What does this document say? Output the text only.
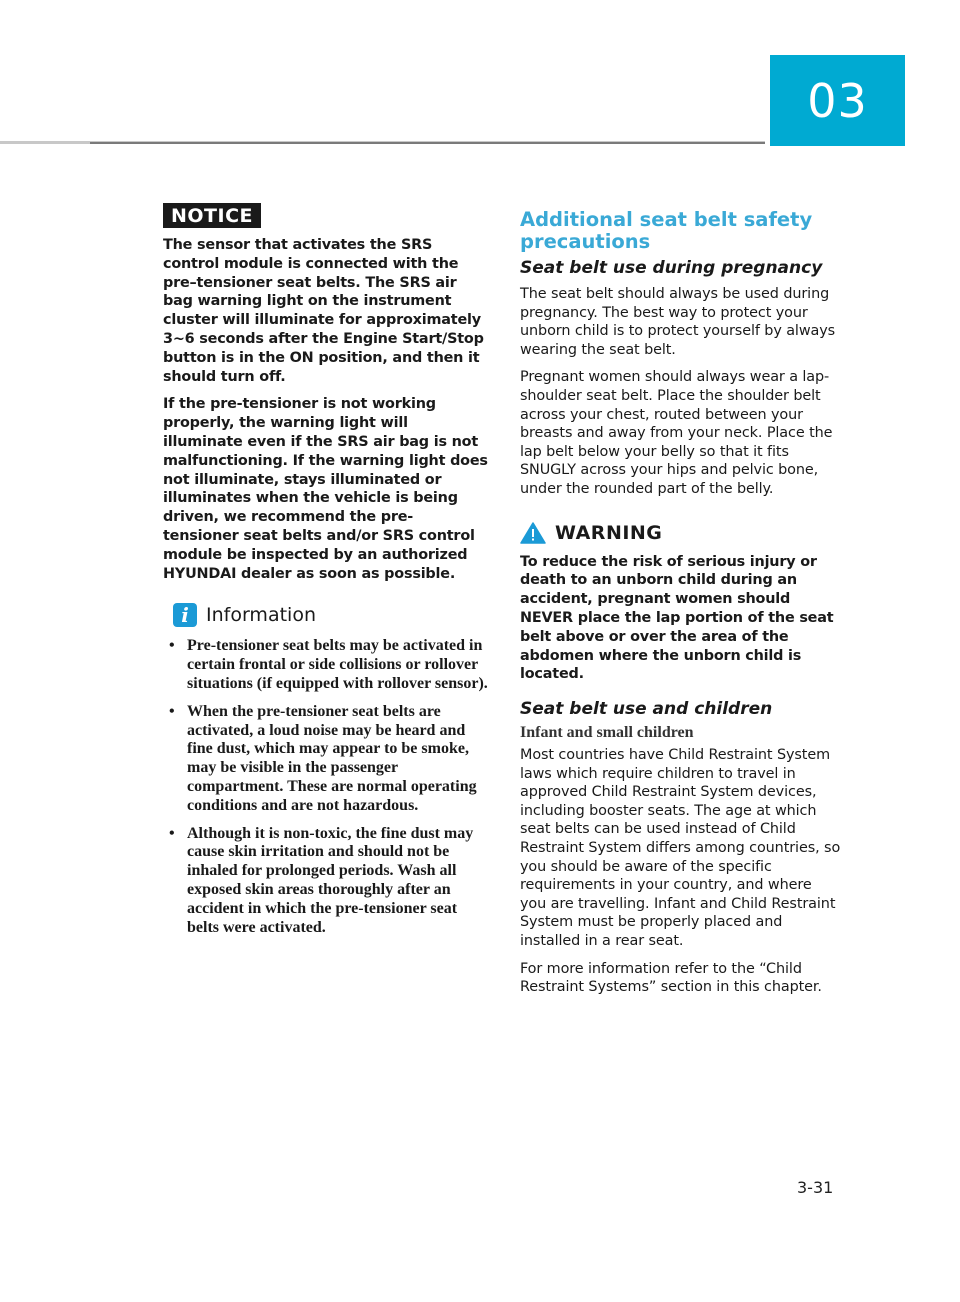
03
NOTICE

The sensor that activates the SRS control module is connected with the pre–tensioner seat belts. The SRS air bag warning light on the instrument cluster will illuminate for approximately 3~6 seconds after the Engine Start/Stop button is in the ON position, and then it should turn off.

If the pre-tensioner is not working properly, the warning light will illuminate even if the SRS air bag is not malfunctioning. If the warning light does not illuminate, stays illuminated or illuminates when the vehicle is being driven, we recommend the pre-tensioner seat belts and/or SRS control module be inspected by an authorized HYUNDAI dealer as soon as possible.

i Information
• Pre-tensioner seat belts may be activated in certain frontal or side collisions or rollover situations (if equipped with rollover sensor).
• When the pre-tensioner seat belts are activated, a loud noise may be heard and fine dust, which may appear to be smoke, may be visible in the passenger compartment. These are normal operating conditions and are not hazardous.
• Although it is non-toxic, the fine dust may cause skin irritation and should not be inhaled for prolonged periods. Wash all exposed skin areas thoroughly after an accident in which the pre-tensioner seat belts were activated.
Additional seat belt safety precautions
Seat belt use during pregnancy

The seat belt should always be used during pregnancy. The best way to protect your unborn child is to protect yourself by always wearing the seat belt.

Pregnant women should always wear a lap-shoulder seat belt. Place the shoulder belt across your chest, routed between your breasts and away from your neck. Place the lap belt below your belly so that it fits SNUGLY across your hips and pelvic bone, under the rounded part of the belly.

WARNING

To reduce the risk of serious injury or death to an unborn child during an accident, pregnant women should NEVER place the lap portion of the seat belt above or over the area of the abdomen where the unborn child is located.

Seat belt use and children
Infant and small children

Most countries have Child Restraint System laws which require children to travel in approved Child Restraint System devices, including booster seats. The age at which seat belts can be used instead of Child Restraint System differs among countries, so you should be aware of the specific requirements in your country, and where you are travelling. Infant and Child Restraint System must be properly placed and installed in a rear seat.

For more information refer to the “Child Restraint Systems” section in this chapter.

3-31
